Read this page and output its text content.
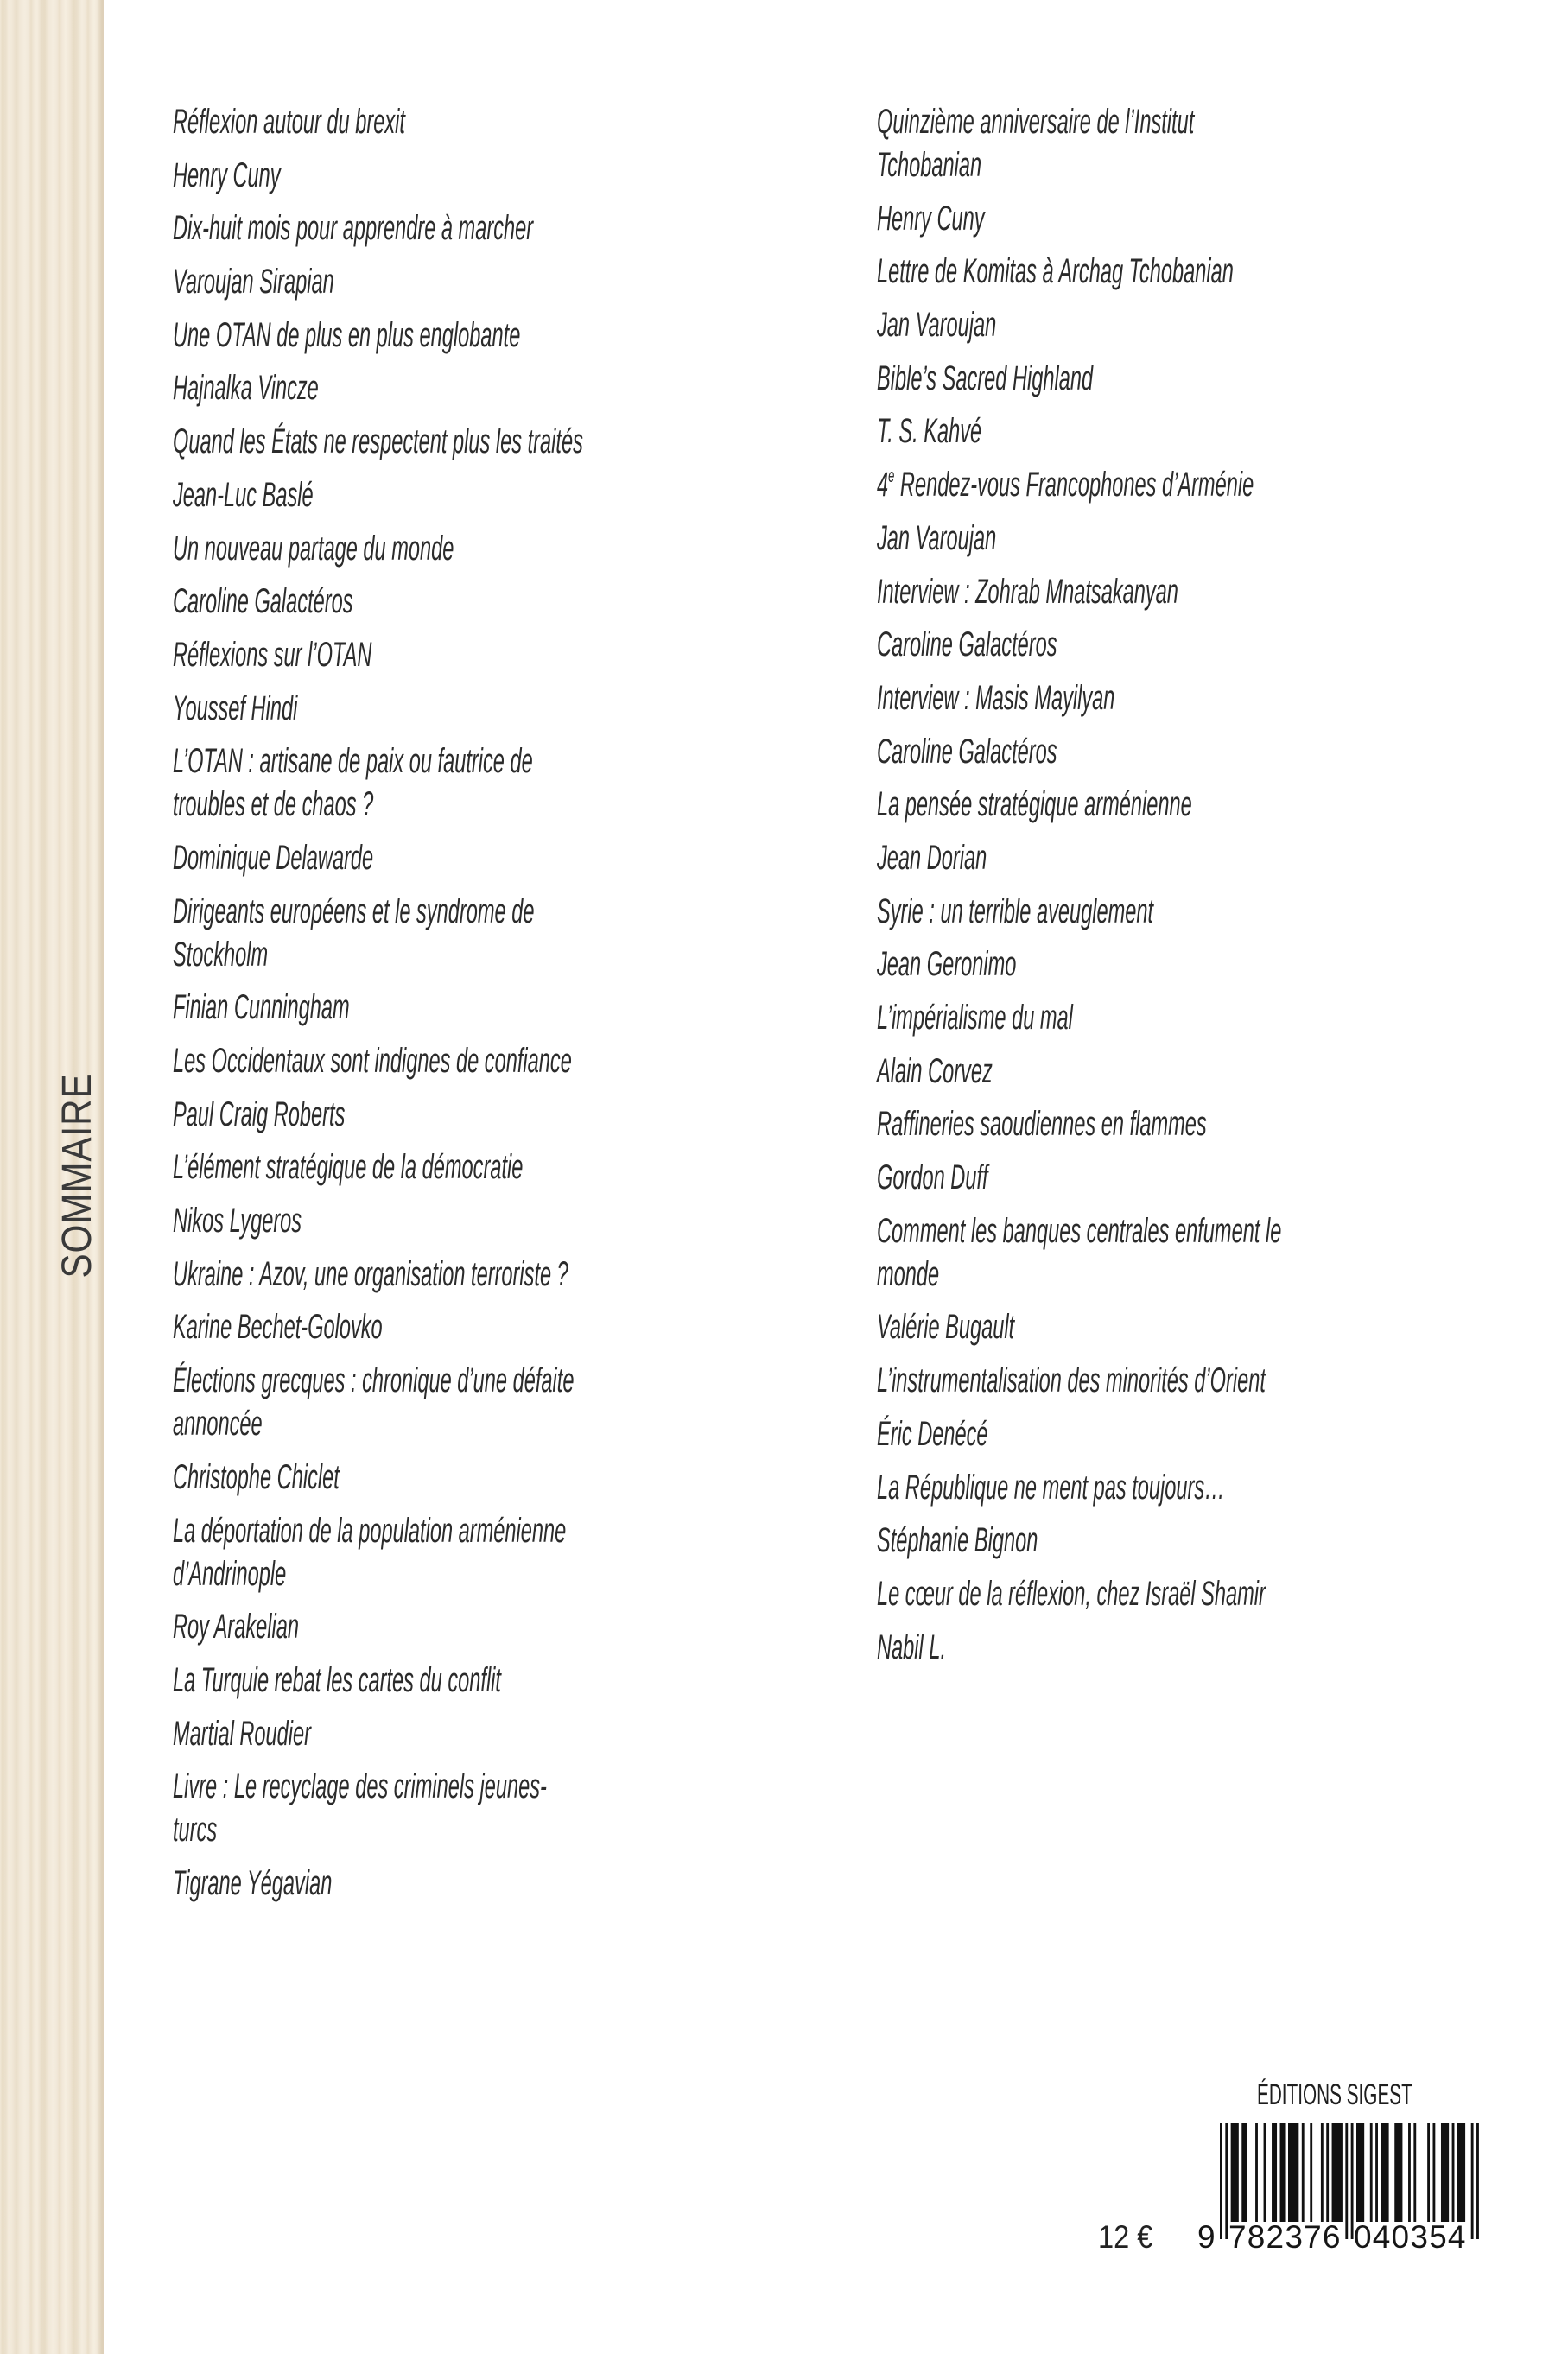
SOMMAIRE
Réflexion autour du brexit
Henry Cuny
Dix-huit mois pour apprendre à marcher
Varoujan Sirapian
Une OTAN de plus en plus englobante
Hajnalka Vincze
Quand les États ne respectent plus les traités
Jean-Luc Baslé
Un nouveau partage du monde
Caroline Galactéros
Réflexions sur l’OTAN
Youssef Hindi
L’OTAN : artisane de paix ou fautrice de
troubles et de chaos ?
Dominique Delawarde
Dirigeants européens et le syndrome de
Stockholm
Finian Cunningham
Les Occidentaux sont indignes de confiance
Paul Craig Roberts
L’élément stratégique de la démocratie
Nikos Lygeros
Ukraine : Azov, une organisation terroriste ?
Karine Bechet-Golovko
Élections grecques : chronique d’une défaite
annoncée
Christophe Chiclet
La déportation de la population arménienne
d’Andrinople
Roy Arakelian
La Turquie rebat les cartes du conflit
Martial Roudier
Livre : Le recyclage des criminels jeunes-
turcs
Tigrane Yégavian
Quinzième anniversaire de l’Institut
Tchobanian
Henry Cuny
Lettre de Komitas à Archag Tchobanian
Jan Varoujan
Bible’s Sacred Highland
T. S. Kahvé
4e Rendez-vous Francophones d’Arménie
Jan Varoujan
Interview : Zohrab Mnatsakanyan
Caroline Galactéros
Interview : Masis Mayilyan
Caroline Galactéros
La pensée stratégique arménienne
Jean Dorian
Syrie : un terrible aveuglement
Jean Geronimo
L’impérialisme du mal
Alain Corvez
Raffineries saoudiennes en flammes
Gordon Duff
Comment les banques centrales enfument le
monde
Valérie Bugault
L’instrumentalisation des minorités d’Orient
Éric Denécé
La République ne ment pas toujours…
Stéphanie Bignon
Le cœur de la réflexion, chez Israël Shamir
Nabil L.
ÉDITIONS SIGEST
9 782376 040354
12 €
